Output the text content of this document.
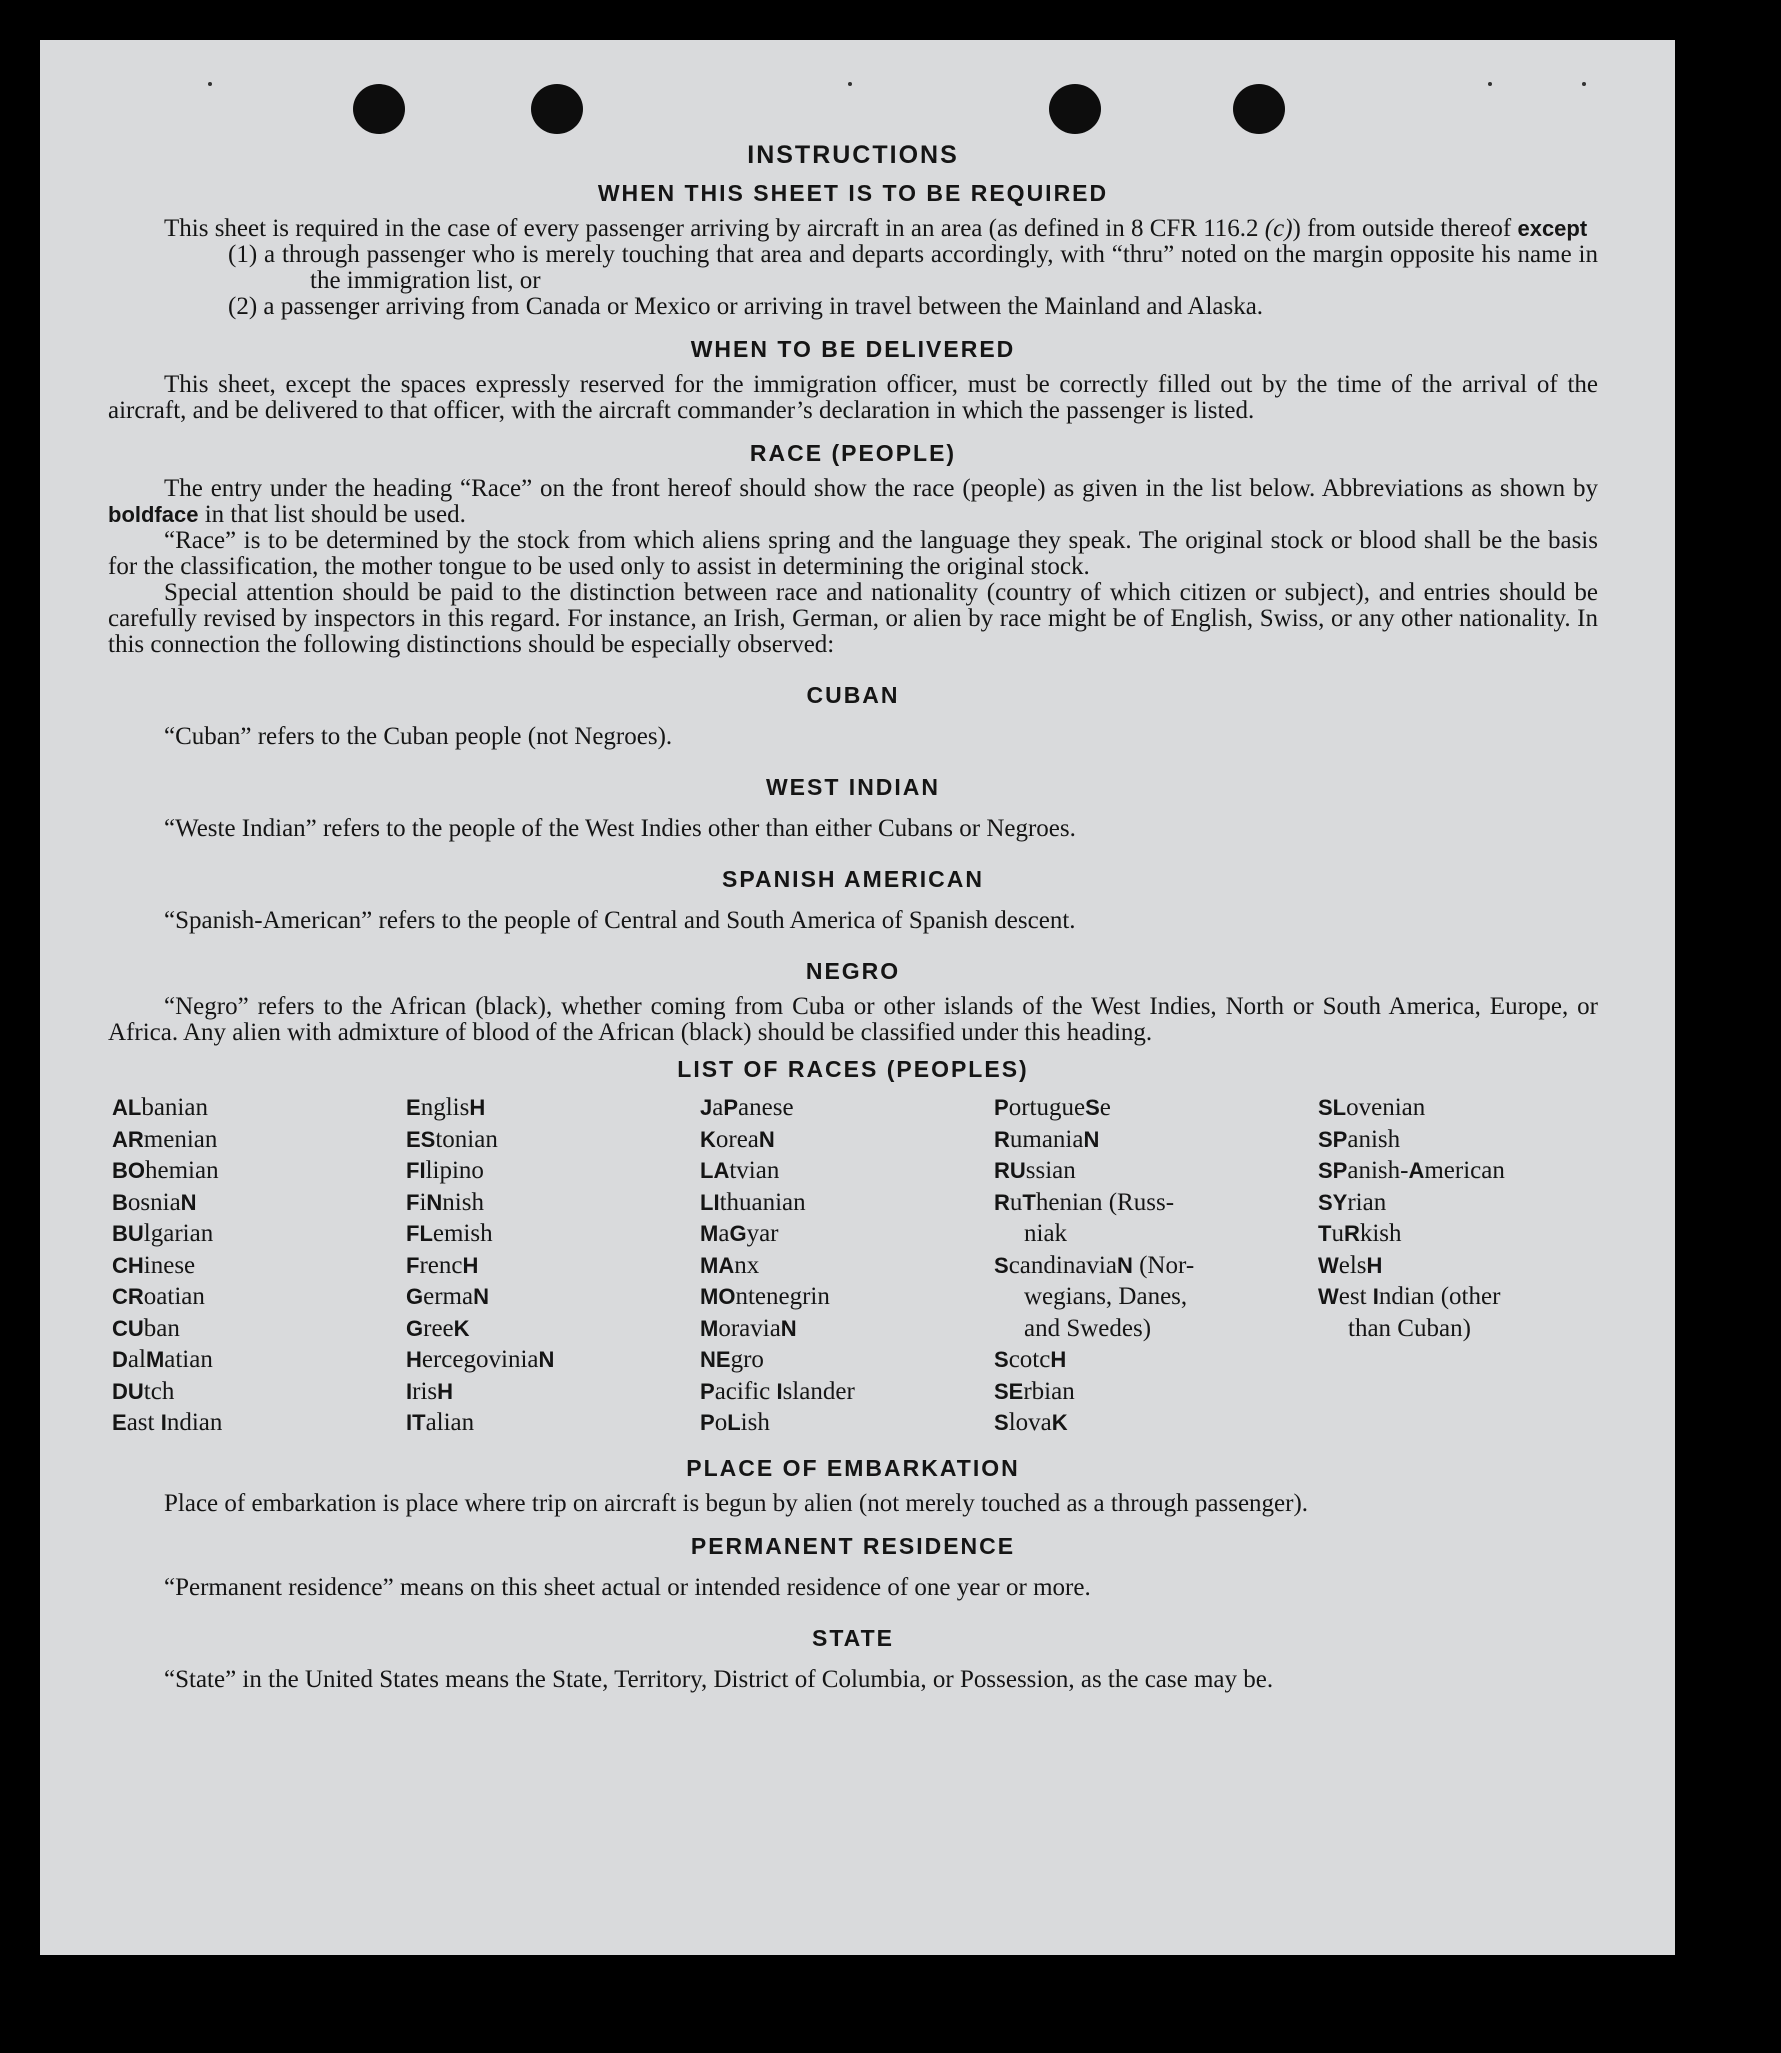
INSTRUCTIONS
WHEN THIS SHEET IS TO BE REQUIRED

This sheet is required in the case of every passenger arriving by aircraft in an area (as defined in 8 CFR 116.2 (c)) from outside thereof except

(1) a through passenger who is merely touching that area and departs accordingly, with “thru” noted on the margin opposite his name in the immigration list, or

(2) a passenger arriving from Canada or Mexico or arriving in travel between the Mainland and Alaska.

WHEN TO BE DELIVERED

This sheet, except the spaces expressly reserved for the immigration officer, must be correctly filled out by the time of the arrival of the aircraft, and be delivered to that officer, with the aircraft commander’s declaration in which the passenger is listed.

RACE (PEOPLE)

The entry under the heading “Race” on the front hereof should show the race (people) as given in the list below. Abbreviations as shown by boldface in that list should be used.

“Race” is to be determined by the stock from which aliens spring and the language they speak. The original stock or blood shall be the basis for the classification, the mother tongue to be used only to assist in determining the original stock.

Special attention should be paid to the distinction between race and nationality (country of which citizen or subject), and entries should be carefully revised by inspectors in this regard. For instance, an Irish, German, or alien by race might be of English, Swiss, or any other nationality. In this connection the following distinctions should be especially observed:

CUBAN

“Cuban” refers to the Cuban people (not Negroes).

WEST INDIAN

“Weste Indian” refers to the people of the West Indies other than either Cubans or Negroes.

SPANISH AMERICAN

“Spanish-American” refers to the people of Central and South America of Spanish descent.

NEGRO

“Negro” refers to the African (black), whether coming from Cuba or other islands of the West Indies, North or South America, Europe, or Africa. Any alien with admixture of blood of the African (black) should be classified under this heading.

LIST OF RACES (PEOPLES)
ALbanian
ARmenian
BOhemian
BosniaN
BUlgarian
CHinese
CRoatian
CUban
DalMatian
DUtch
East Indian
EnglisH
EStonian
FIlipino
FiNnish
FLemish
FrencH
GermaN
GreeK
HercegoviniaN
IrisH
ITalian
JaPanese
KoreaN
LAtvian
LIthuanian
MaGyar
MAnx
MOntenegrin
MoraviaN
NEgro
Pacific Islander
PoLish
PortugueSe
RumaniaN
RUssian
RuThenian (Russ-
niak
ScandinaviaN (Nor-
wegians, Danes,
and Swedes)
ScotcH
SErbian
SlovaK
SLovenian
SPanish
SPanish-American
SYrian
TuRkish
WelsH
West Indian (other
than Cuban)
PLACE OF EMBARKATION

Place of embarkation is place where trip on aircraft is begun by alien (not merely touched as a through passenger).

PERMANENT RESIDENCE

“Permanent residence” means on this sheet actual or intended residence of one year or more.

STATE

“State” in the United States means the State, Territory, District of Columbia, or Possession, as the case may be.
